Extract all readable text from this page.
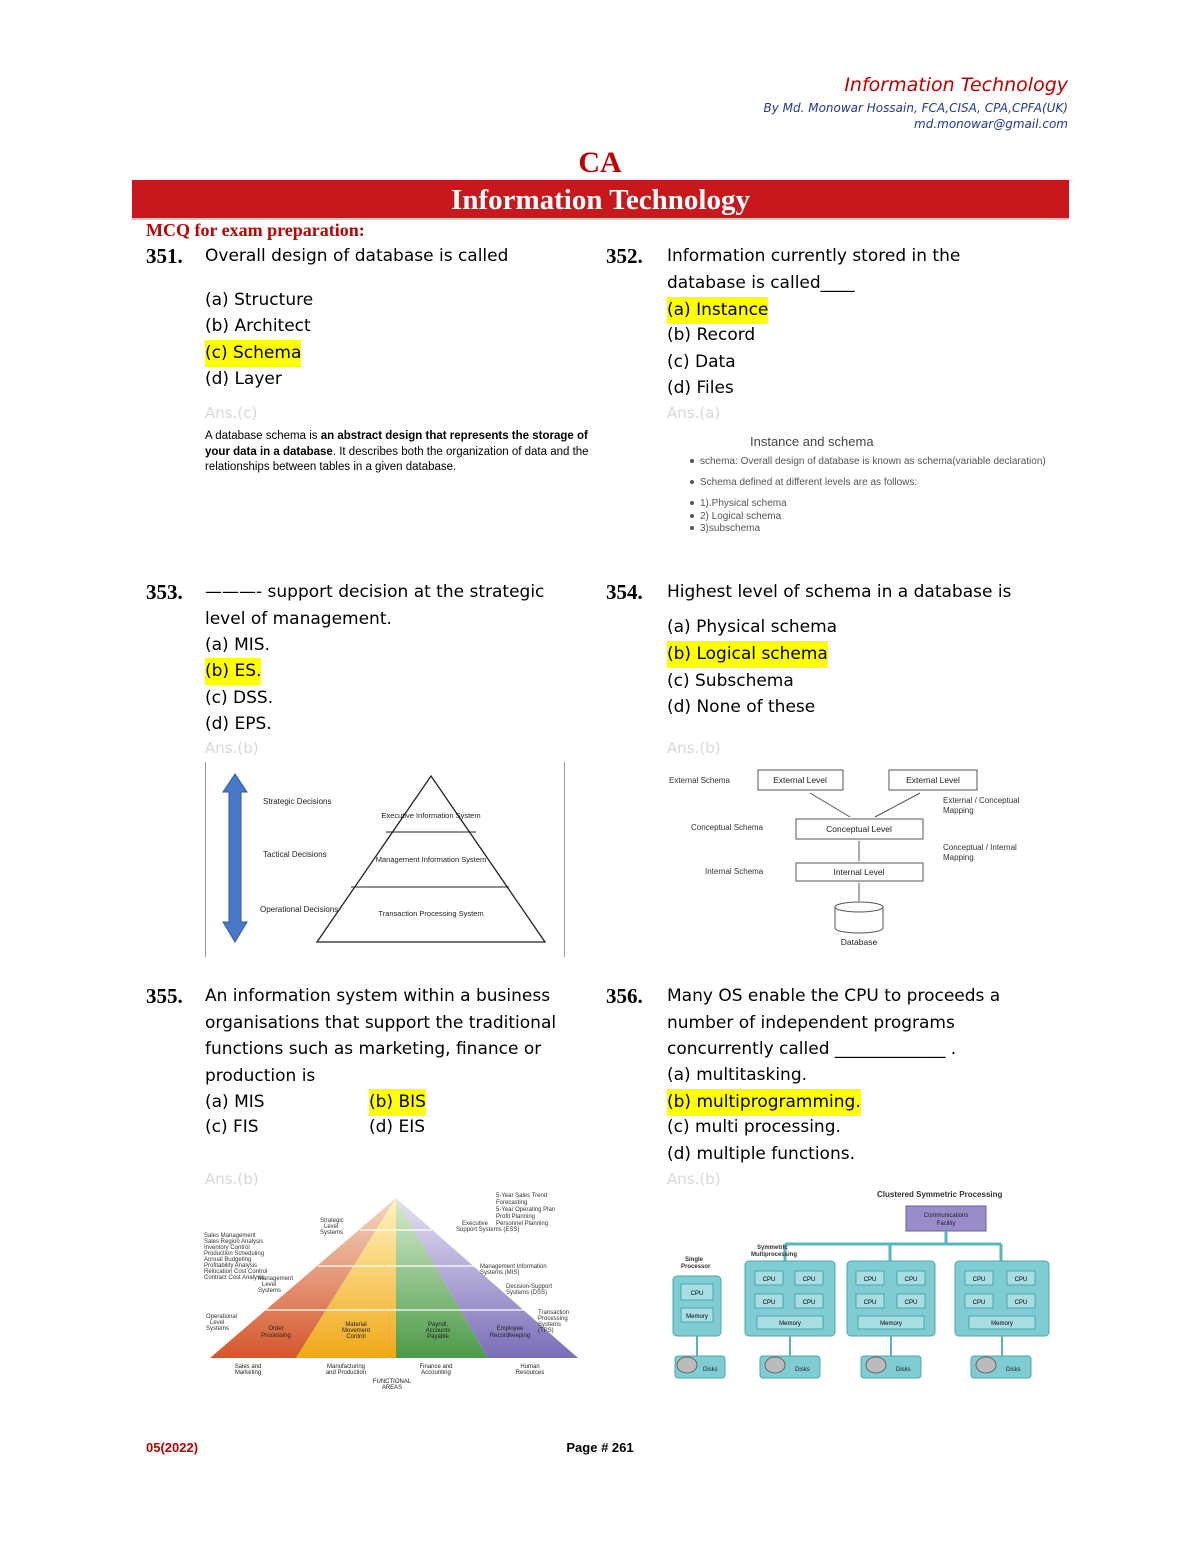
Information Technology
By Md. Monowar Hossain, FCA,CISA, CPA,CPFA(UK)
md.monowar@gmail.com
CA
Information Technology
MCQ for exam preparation:
351. Overall design of database is called
(a) Structure
(b) Architect
(c) Schema
(d) Layer
Ans.(c)
A database schema is an abstract design that represents the storage of your data in a database. It describes both the organization of data and the relationships between tables in a given database.
352. Information currently stored in the database is called____
(a) Instance
(b) Record
(c) Data
(d) Files
Ans.(a)
Instance and schema
schema: Overall design of database is known as schema(variable declaration)
Schema defined at different levels are as follows:
1).Physical schema
2) Logical schema
3)subschema
353. ———- support decision at the strategic level of management.
(a) MIS.
(b) ES.
(c) DSS.
(d) EPS.
Ans.(b)
Strategic Decisions
Tactical Decisions
Operational Decisions
Executive Information System
Management Information System
Transaction Processing System
354. Highest level of schema in a database is
(a) Physical schema
(b) Logical schema
(c) Subschema
(d) None of these
Ans.(b)
External Schema
Conceptual Schema
Internal Schema
External / Conceptual
Mapping
Conceptual / Internal
Mapping
External Level	External Level
Conceptual Level
Internal Level
Database
355. An information system within a business organisations that support the traditional functions such as marketing, finance or production is
(a) MIS	(b) BIS
(c) FIS	(d) EIS
Ans.(b)
5-Year Sales Trend
Forecasting
5-Year Operating Plan
Profit Planning
Personnel Planning
Sales Management
Sales Region Analysis
Inventory Control
Production Scheduling
Annual Budgeting
Profitability Analysis
Relocation Cost Control
Contract Cost Analysis
Strategic
Level
Systems
Management
Level
Systems
Operational
Level
Systems
Executive
Support Systems (ESS)
Management Information
Systems (MIS)
Decision-Support
Systems (DSS)
Transaction
Processing
Systems
(TPS)
Order
Processing
Material
Movement
Control
Payroll,
Accounts
Payable
Employee
Recordkeeping
Sales and
Marketing
Manufacturing
and Production
Finance and
Accounting
Human
Resources
FUNCTIONAL
AREAS
356. Many OS enable the CPU to proceeds a number of independent programs concurrently called _____________ .
(a) multitasking.
(b) multiprogramming.
(c) multi processing.
(d) multiple functions.
Ans.(b)
Clustered Symmetric Processing
Communications
Facility
Single
Processor
Symmetric
Multiprocessing
CPU
Memory
CPU	CPU
CPU	CPU
Memory
CPU	CPU
CPU	CPU
Memory
CPU	CPU
CPU	CPU
Memory
Disks	Disks	Disks	Disks
05(2022)	Page # 261
